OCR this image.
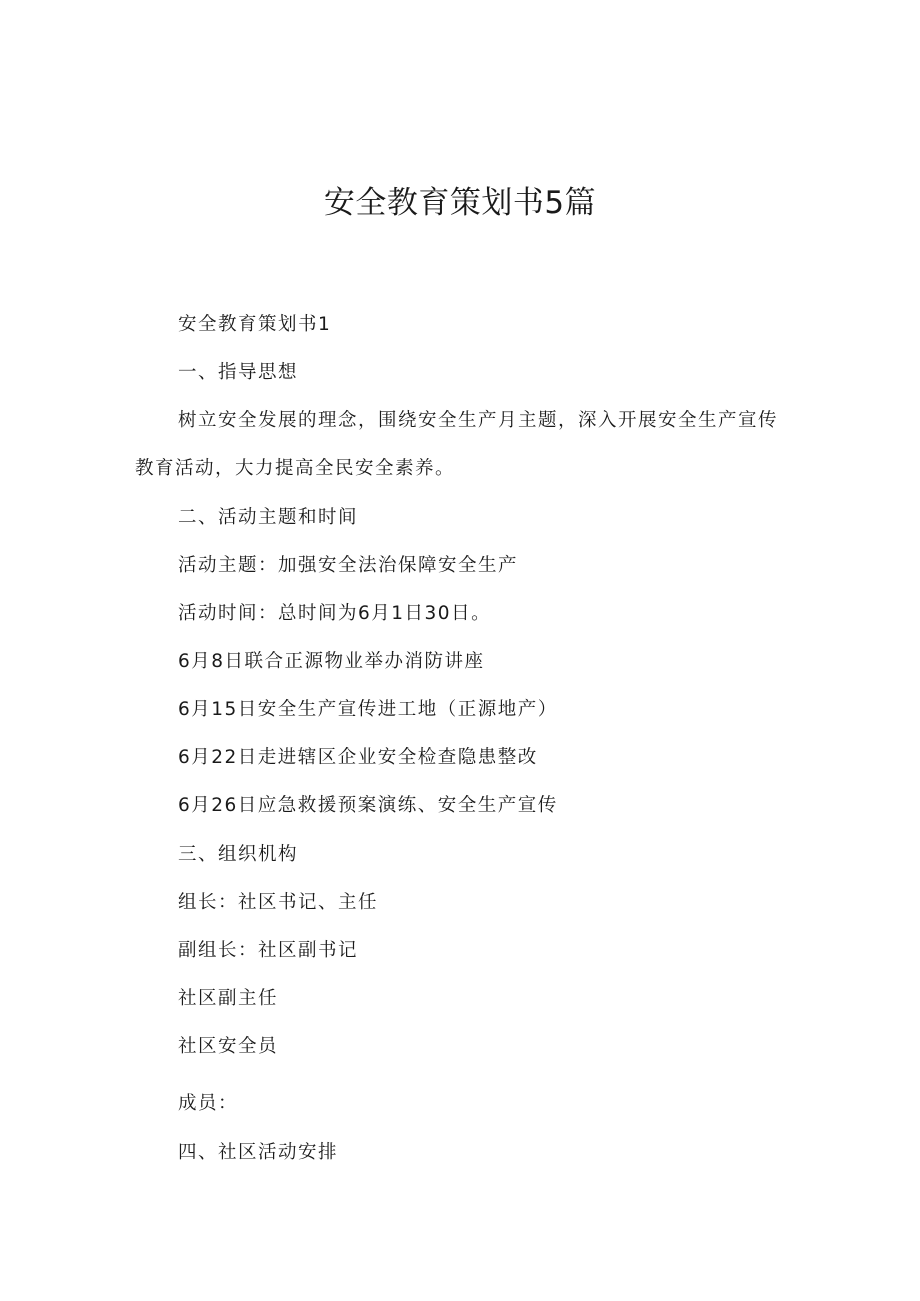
安全教育策划书5篇
安全教育策划书1
一、指导思想
树立安全发展的理念，围绕安全生产月主题，深入开展安全生产宣传
教育活动，大力提高全民安全素养。
二、活动主题和时间
活动主题：加强安全法治保障安全生产
活动时间：总时间为6月1日30日。
6月8日联合正源物业举办消防讲座
6月15日安全生产宣传进工地（正源地产）
6月22日走进辖区企业安全检查隐患整改
6月26日应急救援预案演练、安全生产宣传
三、组织机构
组长：社区书记、主任
副组长：社区副书记
社区副主任
社区安全员
成员：
四、社区活动安排
